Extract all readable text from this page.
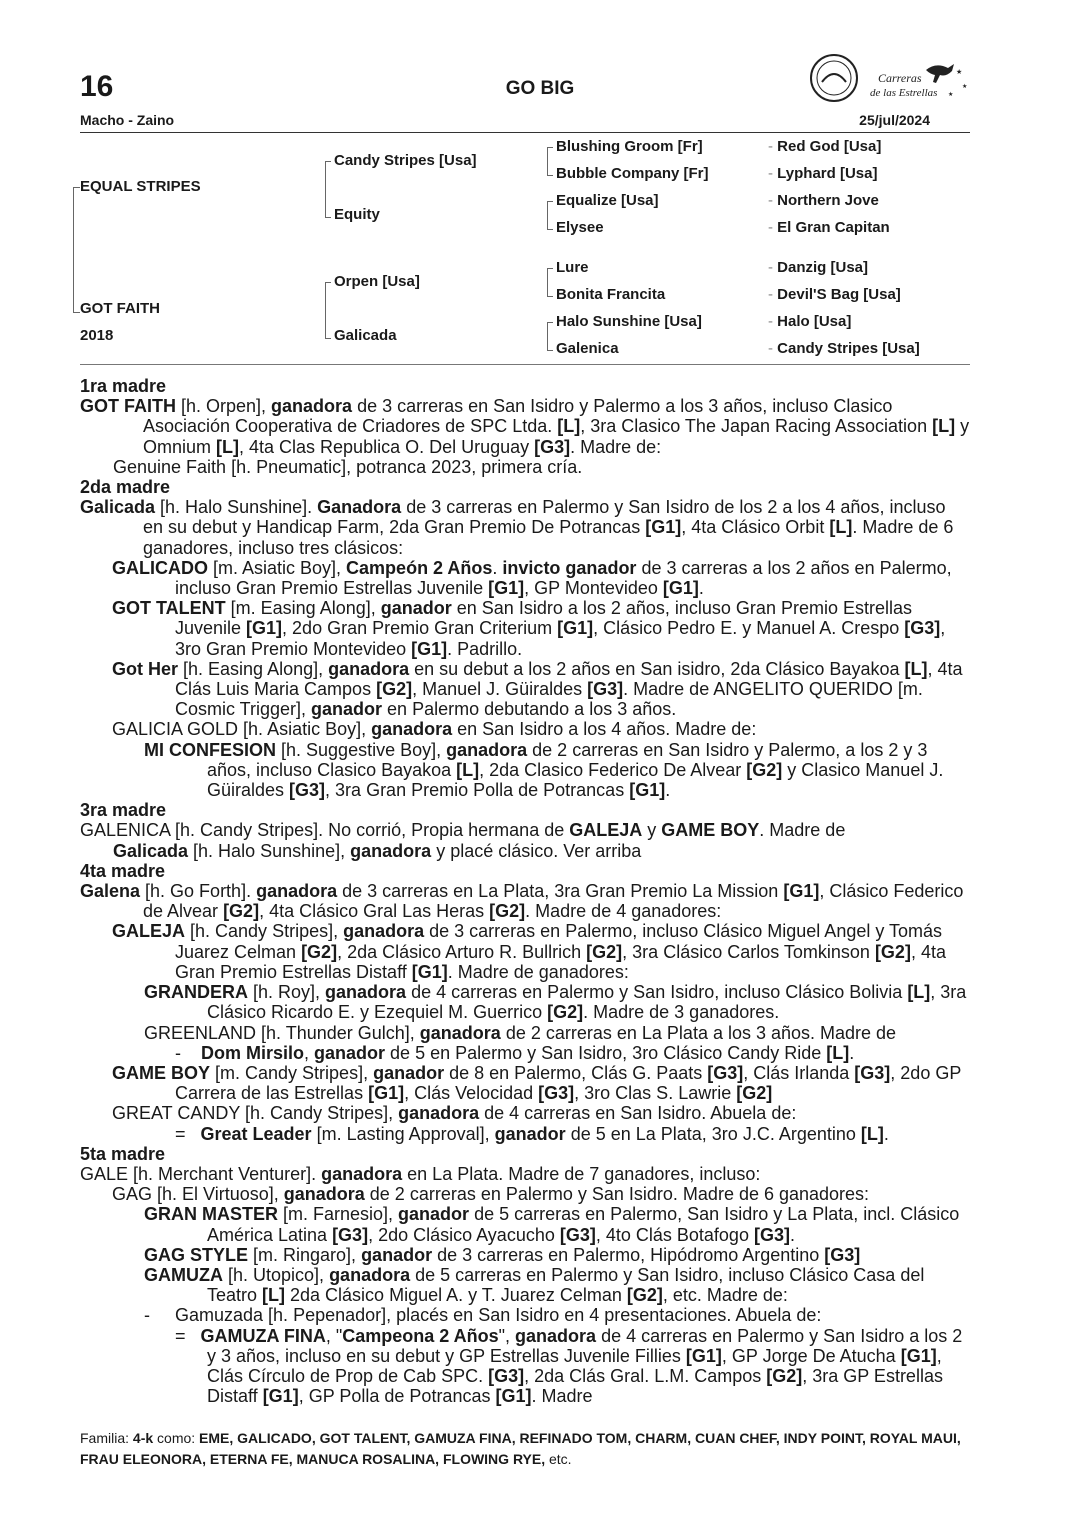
16	GO BIG
Macho - Zaino	25/jul/2024
Carreras
de las Estrellas
★
★
★
EQUAL STRIPES
GOT FAITH
2018
Candy Stripes [Usa]
Equity
Orpen [Usa]
Galicada
Blushing Groom [Fr]
Bubble Company [Fr]
Equalize [Usa]
Elysee
Lure
Bonita Francita
Halo Sunshine [Usa]
Galenica
- Red God [Usa]
- Lyphard [Usa]
- Northern Jove
- El Gran Capitan
- Danzig [Usa]
- Devil'S Bag [Usa]
- Halo [Usa]
- Candy Stripes [Usa]

1ra madre

GOT FAITH [h. Orpen], ganadora de 3 carreras en San Isidro y Palermo a los 3 años, incluso Clasico Asociación Cooperativa de Criadores de SPC Ltda. [L], 3ra Clasico The Japan Racing Association [L] y Omnium [L], 4ta Clas Republica O. Del Uruguay [G3]. Madre de:

Genuine Faith [h. Pneumatic], potranca 2023, primera cría.

2da madre

Galicada [h. Halo Sunshine]. Ganadora de 3 carreras en Palermo y San Isidro de los 2 a los 4 años, incluso en su debut y Handicap Farm, 2da Gran Premio De Potrancas [G1], 4ta Clásico Orbit [L]. Madre de 6 ganadores, incluso tres clásicos:

GALICADO [m. Asiatic Boy], Campeón 2 Años. invicto ganador de 3 carreras a los 2 años en Palermo, incluso Gran Premio Estrellas Juvenile [G1], GP Montevideo [G1].

GOT TALENT [m. Easing Along], ganador en San Isidro a los 2 años, incluso Gran Premio Estrellas Juvenile [G1], 2do Gran Premio Gran Criterium [G1], Clásico Pedro E. y Manuel A. Crespo [G3], 3ro Gran Premio Montevideo [G1]. Padrillo.

Got Her [h. Easing Along], ganadora en su debut a los 2 años en San isidro, 2da Clásico Bayakoa [L], 4ta Clás Luis Maria Campos [G2], Manuel J. Güiraldes [G3]. Madre de ANGELITO QUERIDO [m. Cosmic Trigger], ganador en Palermo debutando a los 3 años.

GALICIA GOLD [h. Asiatic Boy], ganadora en San Isidro a los 4 años. Madre de:

MI CONFESION [h. Suggestive Boy], ganadora de 2 carreras en San Isidro y Palermo, a los 2 y 3 años, incluso Clasico Bayakoa [L], 2da Clasico Federico De Alvear [G2] y Clasico Manuel J. Güiraldes [G3], 3ra Gran Premio Polla de Potrancas [G1].

3ra madre

GALENICA [h. Candy Stripes]. No corrió, Propia hermana de GALEJA y GAME BOY. Madre de

Galicada [h. Halo Sunshine], ganadora y placé clásico. Ver arriba

4ta madre

Galena [h. Go Forth]. ganadora de 3 carreras en La Plata, 3ra Gran Premio La Mission [G1], Clásico Federico de Alvear [G2], 4ta Clásico Gral Las Heras [G2]. Madre de 4 ganadores:

GALEJA [h. Candy Stripes], ganadora de 3 carreras en Palermo, incluso Clásico Miguel Angel y Tomás Juarez Celman [G2], 2da Clásico Arturo R. Bullrich [G2], 3ra Clásico Carlos Tomkinson [G2], 4ta Gran Premio Estrellas Distaff [G1]. Madre de ganadores:

GRANDERA [h. Roy], ganadora de 4 carreras en Palermo y San Isidro, incluso Clásico Bolivia [L], 3ra Clásico Ricardo E. y Ezequiel M. Guerrico [G2]. Madre de 3 ganadores.

GREENLAND [h. Thunder Gulch], ganadora de 2 carreras en La Plata a los 3 años. Madre de

-    Dom Mirsilo, ganador de 5 en Palermo y San Isidro, 3ro Clásico Candy Ride [L].

GAME BOY [m. Candy Stripes], ganador de 8 en Palermo, Clás G. Paats [G3], Clás Irlanda [G3], 2do GP Carrera de las Estrellas [G1], Clás Velocidad [G3], 3ro Clas S. Lawrie [G2]

GREAT CANDY [h. Candy Stripes], ganadora de 4 carreras en San Isidro. Abuela de:

=   Great Leader [m. Lasting Approval], ganador de 5 en La Plata, 3ro J.C. Argentino [L].

5ta madre

GALE [h. Merchant Venturer]. ganadora en La Plata. Madre de 7 ganadores, incluso:

GAG [h. El Virtuoso], ganadora de 2 carreras en Palermo y San Isidro. Madre de 6 ganadores:

GRAN MASTER [m. Farnesio], ganador de 5 carreras en Palermo, San Isidro y La Plata, incl. Clásico América Latina [G3], 2do Clásico Ayacucho [G3], 4to Clás Botafogo [G3].

GAG STYLE [m. Ringaro], ganador de 3 carreras en Palermo, Hipódromo Argentino [G3]

GAMUZA [h. Utopico], ganadora de 5 carreras en Palermo y San Isidro, incluso Clásico Casa del Teatro [L] 2da Clásico Miguel A. y T. Juarez Celman [G2], etc. Madre de:

-     Gamuzada [h. Pepenador], placés en San Isidro en 4 presentaciones. Abuela de:

=   GAMUZA FINA, "Campeona 2 Años", ganadora de 4 carreras en Palermo y San Isidro a los 2 y 3 años, incluso en su debut y GP Estrellas Juvenile Fillies [G1], GP Jorge De Atucha [G1], Clás Círculo de Prop de Cab SPC. [G3], 2da Clás Gral. L.M. Campos [G2], 3ra GP Estrellas Distaff [G1], GP Polla de Potrancas [G1]. Madre

Familia: 4-k como: EME, GALICADO, GOT TALENT, GAMUZA FINA, REFINADO TOM, CHARM, CUAN CHEF, INDY POINT, ROYAL MAUI, FRAU ELEONORA, ETERNA FE, MANUCA ROSALINA, FLOWING RYE, etc.
